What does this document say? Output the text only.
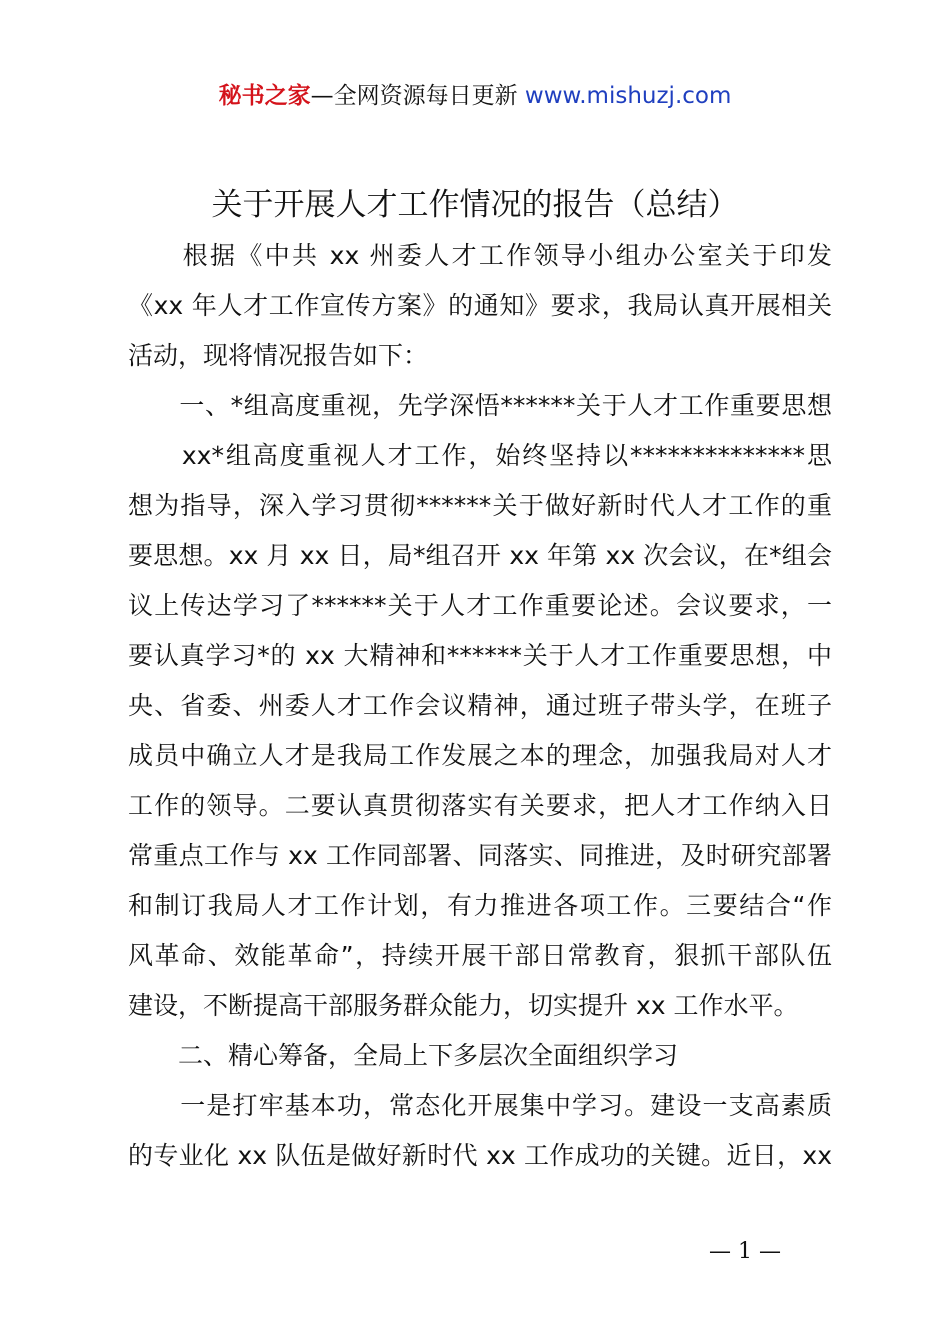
秘书之家—全网资源每日更新 www.mishuzj.com
关于开展人才工作情况的报告（总结）
　　根据《中共 xx 州委人才工作领导小组办公室关于印发
《xx 年人才工作宣传方案》的通知》要求，我局认真开展相关
活动，现将情况报告如下：
　　一、*组高度重视，先学深悟******关于人才工作重要思想
　　xx*组高度重视人才工作，始终坚持以**************思
想为指导，深入学习贯彻******关于做好新时代人才工作的重
要思想。xx 月 xx 日，局*组召开 xx 年第 xx 次会议，在*组会
议上传达学习了******关于人才工作重要论述。会议要求，一
要认真学习*的 xx 大精神和******关于人才工作重要思想，中
央、省委、州委人才工作会议精神，通过班子带头学，在班子
成员中确立人才是我局工作发展之本的理念，加强我局对人才
工作的领导。二要认真贯彻落实有关要求，把人才工作纳入日
常重点工作与 xx 工作同部署、同落实、同推进，及时研究部署
和制订我局人才工作计划，有力推进各项工作。三要结合“作
风革命、效能革命”，持续开展干部日常教育，狠抓干部队伍
建设，不断提高干部服务群众能力，切实提升 xx 工作水平。
　　二、精心筹备，全局上下多层次全面组织学习
　　一是打牢基本功，常态化开展集中学习。建设一支高素质
的专业化 xx 队伍是做好新时代 xx 工作成功的关键。近日，xx
— 1 —
